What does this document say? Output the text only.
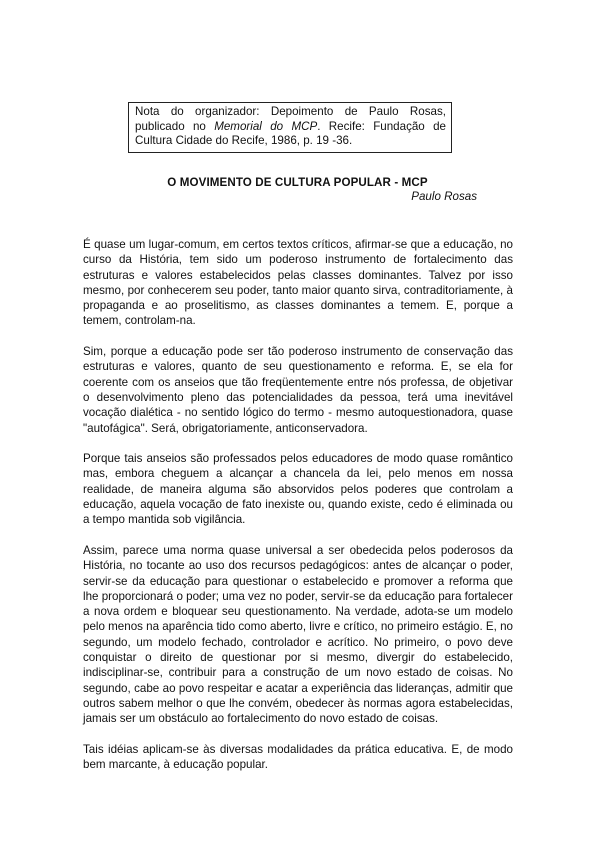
Nota do organizador: Depoimento de Paulo Rosas, publicado no Memorial do MCP. Recife: Fundação de Cultura Cidade do Recife, 1986, p. 19 -36.
O MOVIMENTO DE CULTURA POPULAR - MCP
Paulo Rosas

É quase um lugar-comum, em certos textos críticos, afirmar-se que a educação, no curso da História, tem sido um poderoso instrumento de fortalecimento das estruturas e valores estabelecidos pelas classes dominantes. Talvez por isso mesmo, por conhecerem seu poder, tanto maior quanto sirva, contraditoriamente, à propaganda e ao proselitismo, as classes dominantes a temem. E, porque a temem, controlam-na.

Sim, porque a educação pode ser tão poderoso instrumento de conservação das estruturas e valores, quanto de seu questionamento e reforma. E, se ela for coerente com os anseios que tão freqüentemente entre nós professa, de objetivar o desenvolvimento pleno das potencialidades da pessoa, terá uma inevitável vocação dialética - no sentido lógico do termo - mesmo autoquestionadora, quase "autofágica". Será, obrigatoriamente, anticonservadora.

Porque tais anseios são professados pelos educadores de modo quase romântico mas, embora cheguem a alcançar a chancela da lei, pelo menos em nossa realidade, de maneira alguma são absorvidos pelos poderes que controlam a educação, aquela vocação de fato inexiste ou, quando existe, cedo é eliminada ou a tempo mantida sob vigilância.

Assim, parece uma norma quase universal a ser obedecida pelos poderosos da História, no tocante ao uso dos recursos pedagógicos: antes de alcançar o poder, servir-se da educação para questionar o estabelecido e promover a reforma que lhe proporcionará o poder; uma vez no poder, servir-se da educação para fortalecer a nova ordem e bloquear seu questionamento. Na verdade, adota-se um modelo pelo menos na aparência tido como aberto, livre e crítico, no primeiro estágio. E, no segundo, um modelo fechado, controlador e acrítico. No primeiro, o povo deve conquistar o direito de questionar por si mesmo, divergir do estabelecido, indisciplinar-se, contribuir para a construção de um novo estado de coisas. No segundo, cabe ao povo respeitar e acatar a experiência das lideranças, admitir que outros sabem melhor o que lhe convém, obedecer às normas agora estabelecidas, jamais ser um obstáculo ao fortalecimento do novo estado de coisas.

Tais idéias aplicam-se às diversas modalidades da prática educativa. E, de modo bem marcante, à educação popular.
